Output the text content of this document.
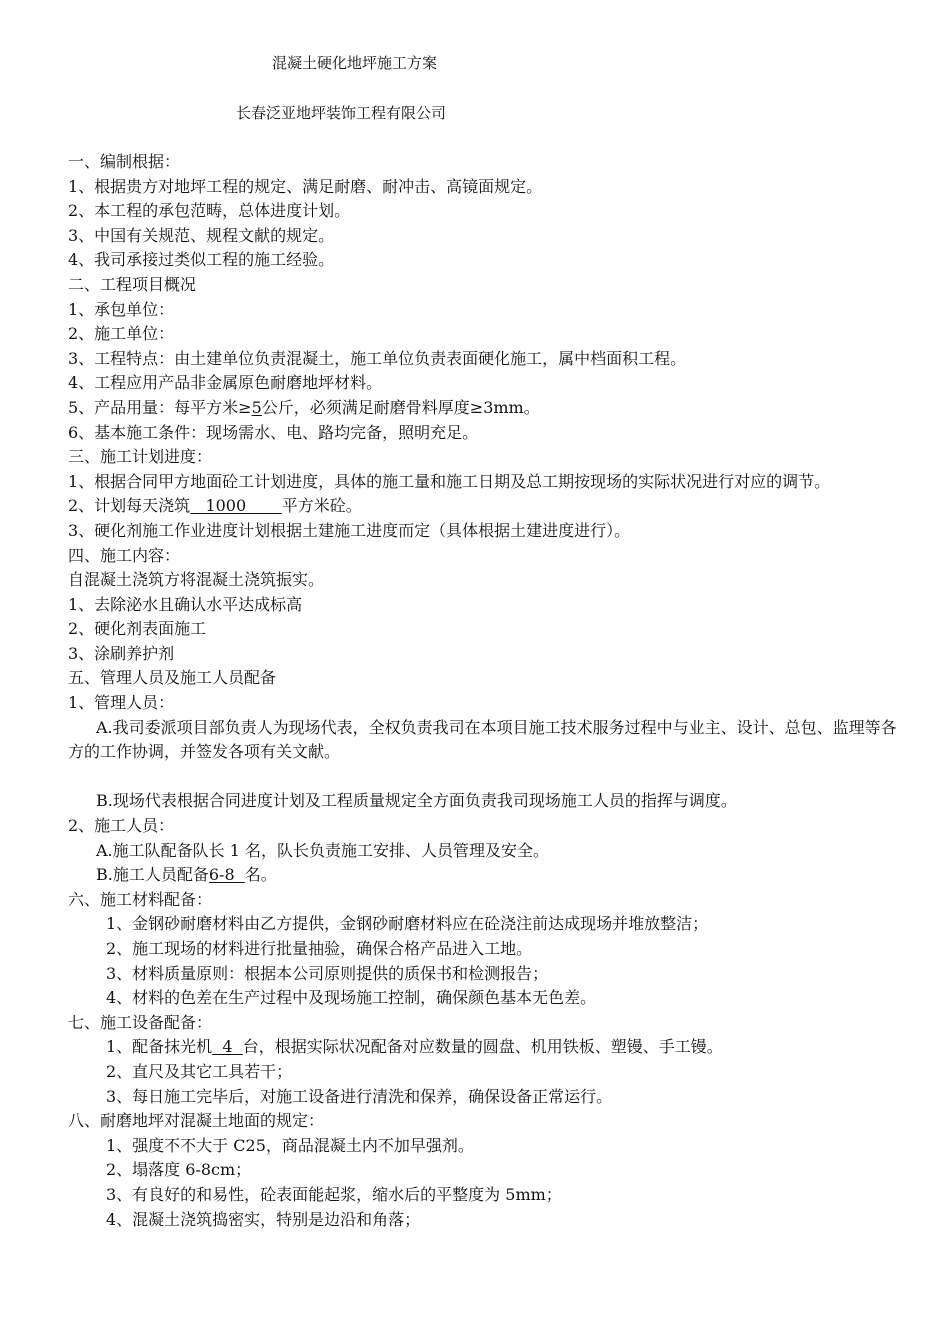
混凝土硬化地坪施工方案
长春泛亚地坪装饰工程有限公司
一、编制根据：
1、根据贵方对地坪工程的规定、满足耐磨、耐冲击、高镜面规定。
2、本工程的承包范畴，总体进度计划。
3、中国有关规范、规程文献的规定。
4、我司承接过类似工程的施工经验。
二、工程项目概况
1、承包单位：
2、施工单位：
3、工程特点：由土建单位负责混凝土，施工单位负责表面硬化施工，属中档面积工程。
4、工程应用产品非金属原色耐磨地坪材料。
5、产品用量：每平方米≥5公斤，必须满足耐磨骨料厚度≥3mm。
6、基本施工条件：现场需水、电、路均完备，照明充足。
三、施工计划进度：
1、根据合同甲方地面砼工计划进度，具体的施工量和施工日期及总工期按现场的实际状况进行对应的调节。
2、计划每天浇筑   1000       平方米砼。
3、硬化剂施工作业进度计划根据土建施工进度而定（具体根据土建进度进行）。
四、施工内容：
自混凝土浇筑方将混凝土浇筑振实。
1、去除泌水且确认水平达成标高
2、硬化剂表面施工
3、涂刷养护剂
五、管理人员及施工人员配备
1、管理人员：
A.我司委派项目部负责人为现场代表，全权负责我司在本项目施工技术服务过程中与业主、设计、总包、监理等各方的工作协调，并签发各项有关文献。
B.现场代表根据合同进度计划及工程质量规定全方面负责我司现场施工人员的指挥与调度。
2、施工人员：
A.施工队配备队长 1 名，队长负责施工安排、人员管理及安全。
B.施工人员配备6-8  名。
六、施工材料配备：
1、金钢砂耐磨材料由乙方提供，金钢砂耐磨材料应在砼浇注前达成现场并堆放整洁；
2、施工现场的材料进行批量抽验，确保合格产品进入工地。
3、材料质量原则：根据本公司原则提供的质保书和检测报告；
4、材料的色差在生产过程中及现场施工控制，确保颜色基本无色差。
七、施工设备配备：
1、配备抹光机  4  台，根据实际状况配备对应数量的圆盘、机用铁板、塑镘、手工镘。
2、直尺及其它工具若干；
3、每日施工完毕后，对施工设备进行清洗和保养，确保设备正常运行。
八、耐磨地坪对混凝土地面的规定：
1、强度不不大于 C25，商品混凝土内不加早强剂。
2、塌落度 6-8cm；
3、有良好的和易性，砼表面能起浆，缩水后的平整度为 5mm；
4、混凝土浇筑捣密实，特别是边沿和角落；
